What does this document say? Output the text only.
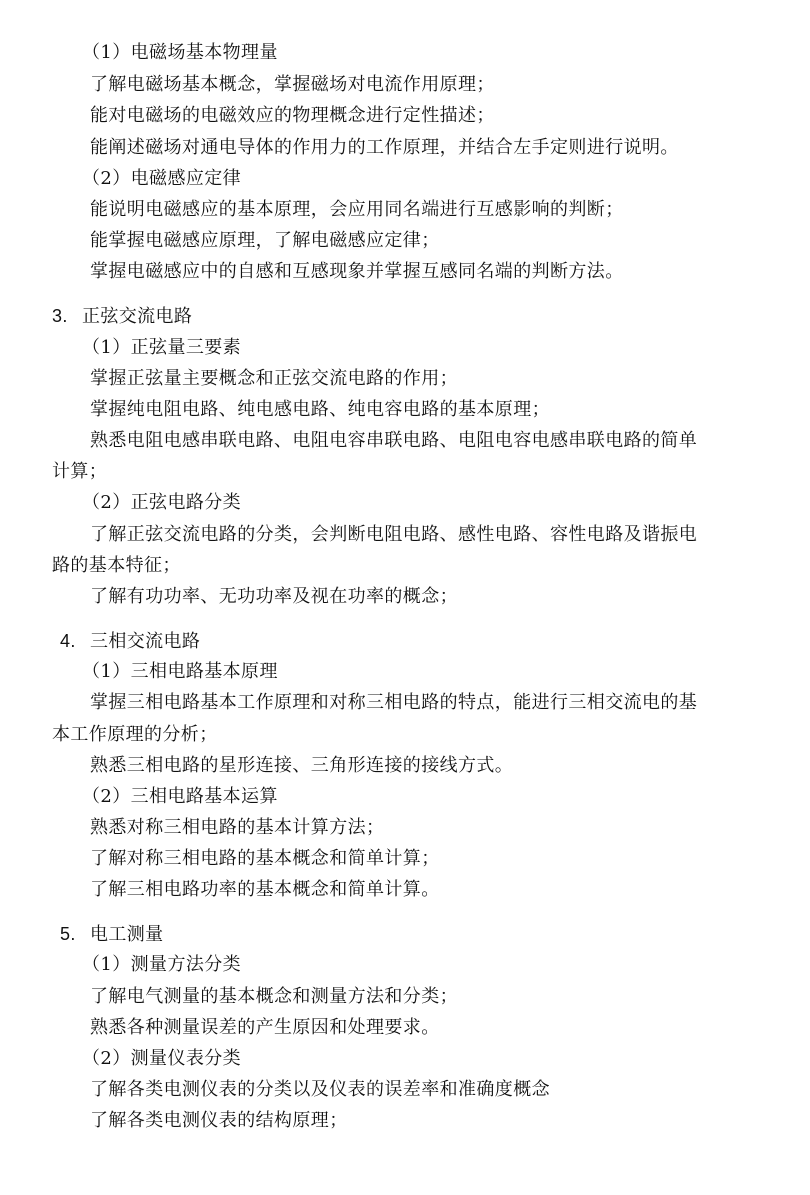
（1）电磁场基本物理量
了解电磁场基本概念，掌握磁场对电流作用原理；
能对电磁场的电磁效应的物理概念进行定性描述；
能阐述磁场对通电导体的作用力的工作原理，并结合左手定则进行说明。
（2）电磁感应定律
能说明电磁感应的基本原理，会应用同名端进行互感影响的判断；
能掌握电磁感应原理，了解电磁感应定律；
掌握电磁感应中的自感和互感现象并掌握互感同名端的判断方法。
3. 正弦交流电路
（1）正弦量三要素
掌握正弦量主要概念和正弦交流电路的作用；
掌握纯电阻电路、纯电感电路、纯电容电路的基本原理；
熟悉电阻电感串联电路、电阻电容串联电路、电阻电容电感串联电路的简单
计算；
（2）正弦电路分类
了解正弦交流电路的分类，会判断电阻电路、感性电路、容性电路及谐振电
路的基本特征；
了解有功功率、无功功率及视在功率的概念；
4. 三相交流电路
（1）三相电路基本原理
掌握三相电路基本工作原理和对称三相电路的特点，能进行三相交流电的基
本工作原理的分析；
熟悉三相电路的星形连接、三角形连接的接线方式。
（2）三相电路基本运算
熟悉对称三相电路的基本计算方法；
了解对称三相电路的基本概念和简单计算；
了解三相电路功率的基本概念和简单计算。
5. 电工测量
（1）测量方法分类
了解电气测量的基本概念和测量方法和分类；
熟悉各种测量误差的产生原因和处理要求。
（2）测量仪表分类
了解各类电测仪表的分类以及仪表的误差率和准确度概念
了解各类电测仪表的结构原理；
